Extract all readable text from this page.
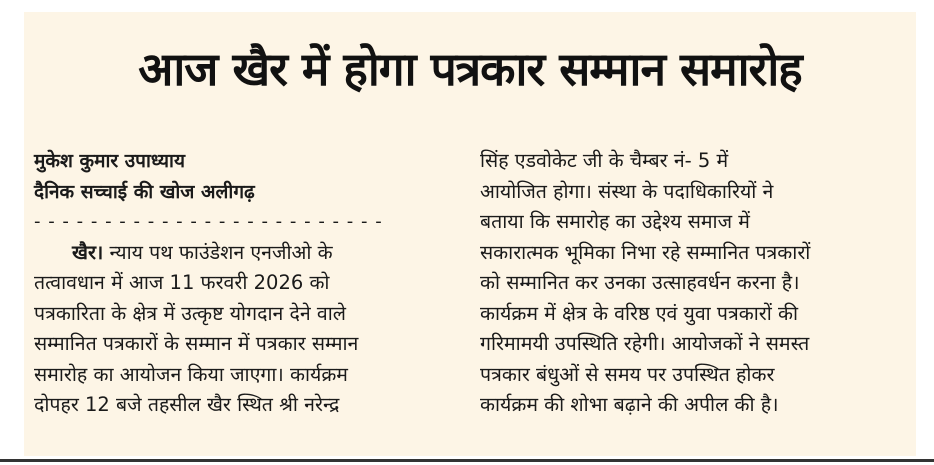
आज खैर में होगा पत्रकार सम्मान समारोह
मुकेश कुमार उपाध्याय
दैनिक सच्चाई की खोज अलीगढ़
- - - - - - - - - - - - - - - - - - - - - - - - -
खैर। न्याय पथ फाउंडेशन एनजीओ के
तत्वावधान में आज 11 फरवरी 2026 को
पत्रकारिता के क्षेत्र में उत्कृष्ट योगदान देने वाले
सम्मानित पत्रकारों के सम्मान में पत्रकार सम्मान
समारोह का आयोजन किया जाएगा। कार्यक्रम
दोपहर 12 बजे तहसील खैर स्थित श्री नरेन्द्र
सिंह एडवोकेट जी के चैम्बर नं- 5 में
आयोजित होगा। संस्था के पदाधिकारियों ने
बताया कि समारोह का उद्देश्य समाज में
सकारात्मक भूमिका निभा रहे सम्मानित पत्रकारों
को सम्मानित कर उनका उत्साहवर्धन करना है।
कार्यक्रम में क्षेत्र के वरिष्ठ एवं युवा पत्रकारों की
गरिमामयी उपस्थिति रहेगी। आयोजकों ने समस्त
पत्रकार बंधुओं से समय पर उपस्थित होकर
कार्यक्रम की शोभा बढ़ाने की अपील की है।
